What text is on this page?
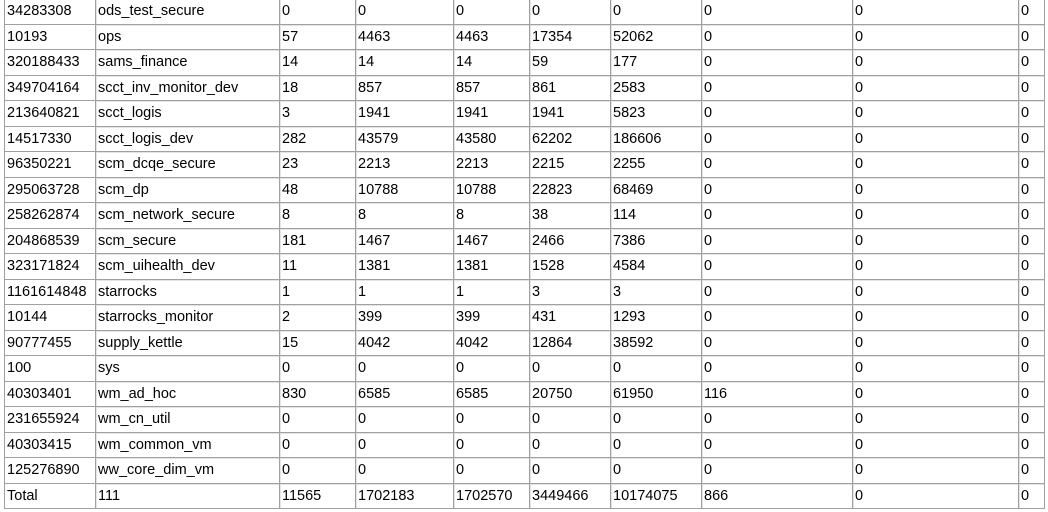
34283308	ods_test_secure	0	0	0	0	0	0	0	0
10193	ops	57	4463	4463	17354	52062	0	0	0
320188433	sams_finance	14	14	14	59	177	0	0	0
349704164	scct_inv_monitor_dev	18	857	857	861	2583	0	0	0
213640821	scct_logis	3	1941	1941	1941	5823	0	0	0
14517330	scct_logis_dev	282	43579	43580	62202	186606	0	0	0
96350221	scm_dcqe_secure	23	2213	2213	2215	2255	0	0	0
295063728	scm_dp	48	10788	10788	22823	68469	0	0	0
258262874	scm_network_secure	8	8	8	38	114	0	0	0
204868539	scm_secure	181	1467	1467	2466	7386	0	0	0
323171824	scm_uihealth_dev	11	1381	1381	1528	4584	0	0	0
1161614848	starrocks	1	1	1	3	3	0	0	0
10144	starrocks_monitor	2	399	399	431	1293	0	0	0
90777455	supply_kettle	15	4042	4042	12864	38592	0	0	0
100	sys	0	0	0	0	0	0	0	0
40303401	wm_ad_hoc	830	6585	6585	20750	61950	116	0	0
231655924	wm_cn_util	0	0	0	0	0	0	0	0
40303415	wm_common_vm	0	0	0	0	0	0	0	0
125276890	ww_core_dim_vm	0	0	0	0	0	0	0	0
Total	111	11565	1702183	1702570	3449466	10174075	866	0	0
